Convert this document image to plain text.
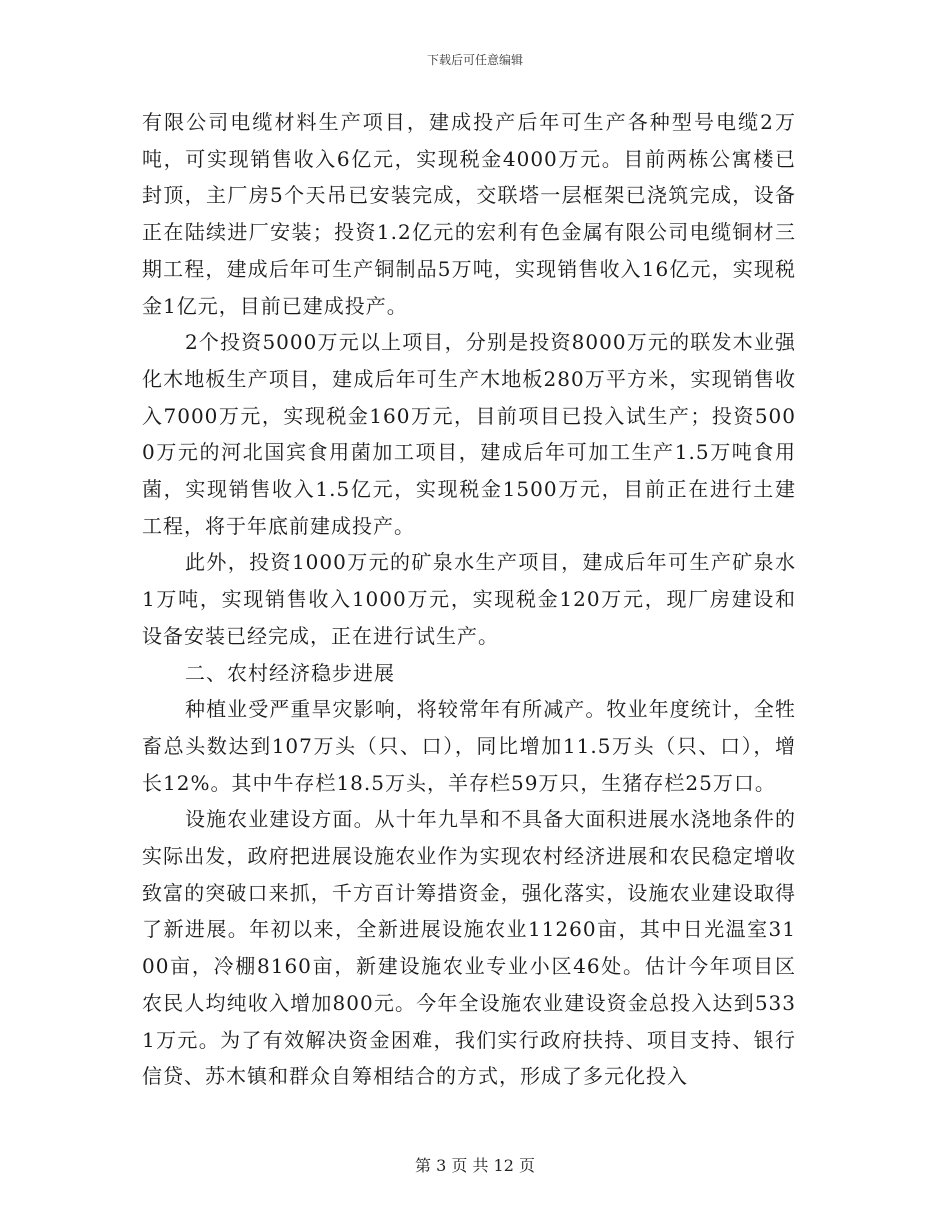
下载后可任意编辑

有限公司电缆材料生产项目，建成投产后年可生产各种型号电缆2万吨，可实现销售收入6亿元，实现税金4000万元。目前两栋公寓楼已封顶，主厂房5个天吊已安装完成，交联塔一层框架已浇筑完成，设备正在陆续进厂安装；投资1.2亿元的宏利有色金属有限公司电缆铜材三期工程，建成后年可生产铜制品5万吨，实现销售收入16亿元，实现税金1亿元，目前已建成投产。

2个投资5000万元以上项目，分别是投资8000万元的联发木业强化木地板生产项目，建成后年可生产木地板280万平方米，实现销售收入7000万元，实现税金160万元，目前项目已投入试生产；投资5000万元的河北国宾食用菌加工项目，建成后年可加工生产1.5万吨食用菌，实现销售收入1.5亿元，实现税金1500万元，目前正在进行土建工程，将于年底前建成投产。

此外，投资1000万元的矿泉水生产项目，建成后年可生产矿泉水1万吨，实现销售收入1000万元，实现税金120万元，现厂房建设和设备安装已经完成，正在进行试生产。

二、农村经济稳步进展

种植业受严重旱灾影响，将较常年有所减产。牧业年度统计，全牲畜总头数达到107万头（只、口），同比增加11.5万头（只、口），增长12%。其中牛存栏18.5万头，羊存栏59万只，生猪存栏25万口。

设施农业建设方面。从十年九旱和不具备大面积进展水浇地条件的实际出发，政府把进展设施农业作为实现农村经济进展和农民稳定增收致富的突破口来抓，千方百计筹措资金，强化落实，设施农业建设取得了新进展。年初以来，全新进展设施农业11260亩，其中日光温室3100亩，冷棚8160亩，新建设施农业专业小区46处。估计今年项目区农民人均纯收入增加800元。今年全设施农业建设资金总投入达到5331万元。为了有效解决资金困难，我们实行政府扶持、项目支持、银行信贷、苏木镇和群众自筹相结合的方式，形成了多元化投入

第 3 页 共 12 页
